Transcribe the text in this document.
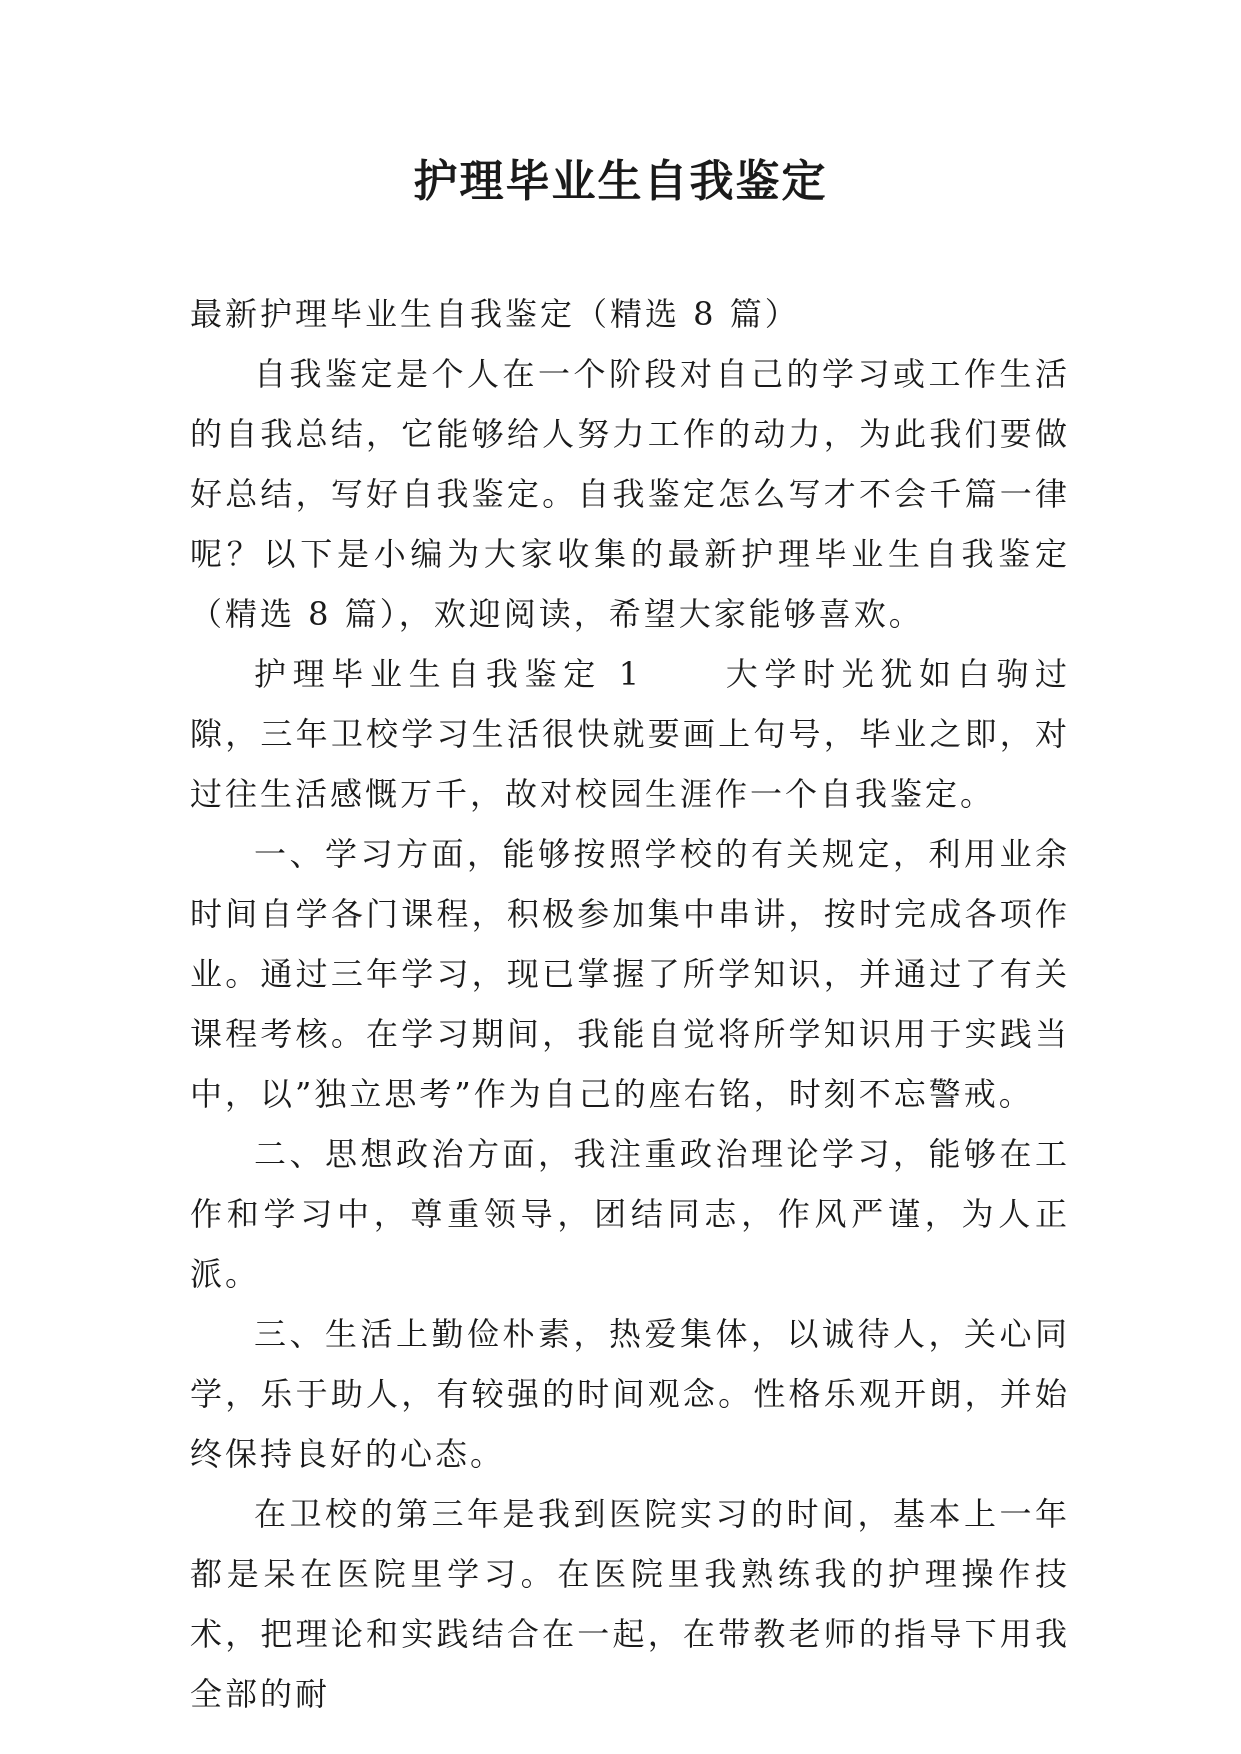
护理毕业生自我鉴定

最新护理毕业生自我鉴定（精选 8 篇）

自我鉴定是个人在一个阶段对自己的学习或工作生活的自我总结，它能够给人努力工作的动力，为此我们要做好总结，写好自我鉴定。自我鉴定怎么写才不会千篇一律呢？以下是小编为大家收集的最新护理毕业生自我鉴定（精选 8 篇），欢迎阅读，希望大家能够喜欢。

护理毕业生自我鉴定 1	大学时光犹如白驹过隙，三年卫校学习生活很快就要画上句号，毕业之即，对过往生活感慨万千，故对校园生涯作一个自我鉴定。

一、学习方面，能够按照学校的有关规定，利用业余时间自学各门课程，积极参加集中串讲，按时完成各项作业。通过三年学习，现已掌握了所学知识，并通过了有关课程考核。在学习期间，我能自觉将所学知识用于实践当中，以”独立思考”作为自己的座右铭，时刻不忘警戒。

二、思想政治方面，我注重政治理论学习，能够在工作和学习中，尊重领导，团结同志，作风严谨，为人正派。

三、生活上勤俭朴素，热爱集体，以诚待人，关心同学，乐于助人，有较强的时间观念。性格乐观开朗，并始终保持良好的心态。

在卫校的第三年是我到医院实习的时间，基本上一年都是呆在医院里学习。在医院里我熟练我的护理操作技术，把理论和实践结合在一起，在带教老师的指导下用我全部的耐
